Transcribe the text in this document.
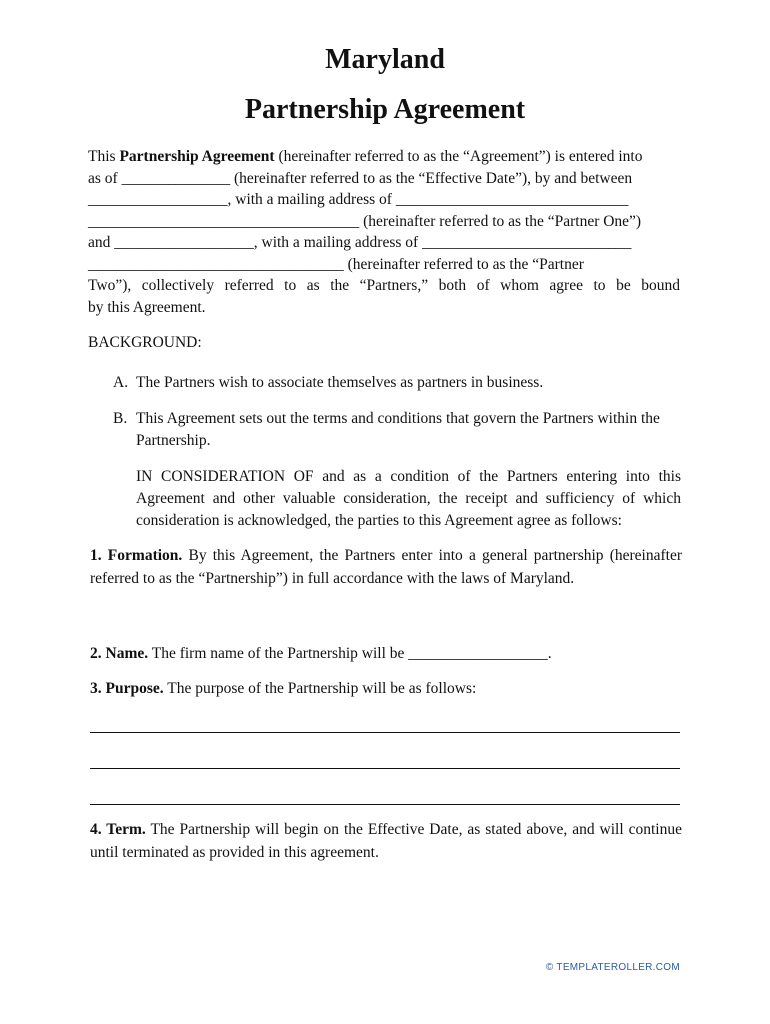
Maryland
Partnership Agreement
This Partnership Agreement (hereinafter referred to as the “Agreement”) is entered into
as of ______________ (hereinafter referred to as the “Effective Date”), by and between
__________________, with a mailing address of ______________________________
___________________________________ (hereinafter referred to as the “Partner One”)
and __________________, with a mailing address of ___________________________
_________________________________ (hereinafter referred to as the “Partner
Two”), collectively referred to as the “Partners,” both of whom agree to be bound
by this Agreement.
BACKGROUND:
A. The Partners wish to associate themselves as partners in business.
B. This Agreement sets out the terms and conditions that govern the Partners within the Partnership.
IN CONSIDERATION OF and as a condition of the Partners entering into this Agreement and other valuable consideration, the receipt and sufficiency of which consideration is acknowledged, the parties to this Agreement agree as follows:
1. Formation. By this Agreement, the Partners enter into a general partnership (hereinafter referred to as the “Partnership”) in full accordance with the laws of Maryland.
2. Name. The firm name of the Partnership will be __________________.
3. Purpose. The purpose of the Partnership will be as follows:
4. Term. The Partnership will begin on the Effective Date, as stated above, and will continue until terminated as provided in this agreement.
© TEMPLATEROLLER.COM
